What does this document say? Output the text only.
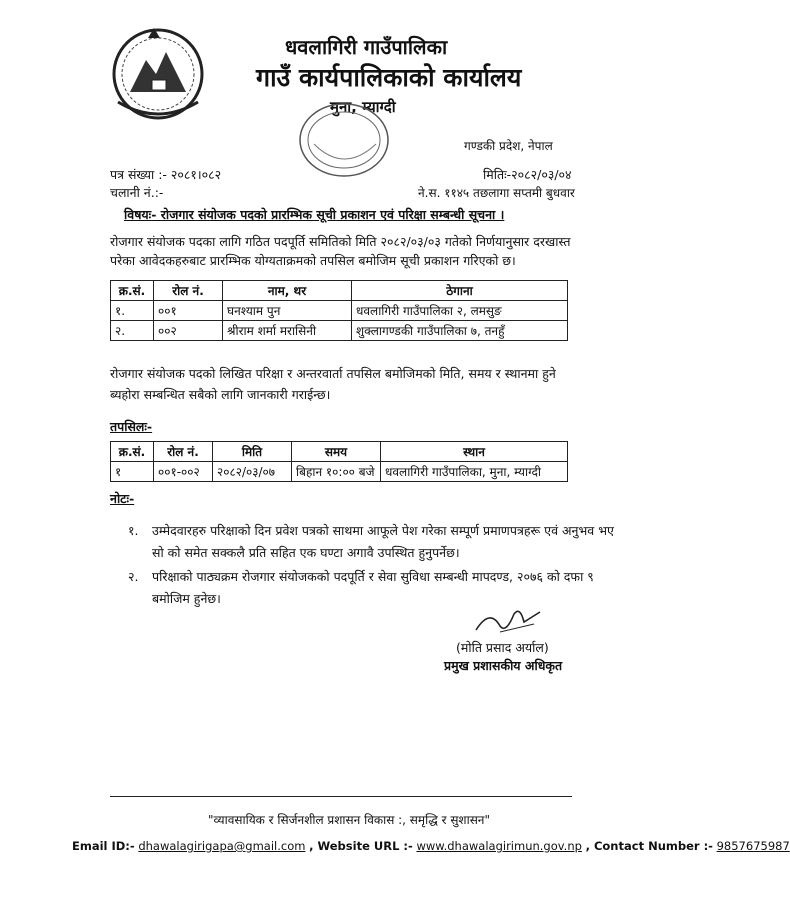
धवलागिरी गाउँपालिका
गाउँ कार्यपालिकाको कार्यालय
मुना, म्याग्दी
गण्डकी प्रदेश, नेपाल
पत्र संख्या :- २०८१।०८२
चलानी नं.:-
मितिः-२०८२/०३/०४
ने.स. ११४५ तछलागा सप्तमी बुधवार
विषयः- रोजगार संयोजक पदको प्रारम्भिक सूची प्रकाशन एवं परिक्षा सम्बन्धी सूचना ।
रोजगार संयोजक पदका लागि गठित पदपूर्ति समितिको मिति २०८२/०३/०३ गतेको निर्णयानुसार दरखास्त परेका आवेदकहरुबाट प्रारम्भिक योग्यताक्रमको तपसिल बमोजिम सूची प्रकाशन गरिएको छ।
क्र.सं.	रोल नं.	नाम, थर	ठेगाना
१.	००१	घनश्याम पुन	धवलागिरी गाउँपालिका २, लमसुङ
२.	००२	श्रीराम शर्मा मरासिनी	शुक्लागण्डकी गाउँपालिका ७, तनहुँ
रोजगार संयोजक पदको लिखित परिक्षा र अन्तरवार्ता तपसिल बमोजिमको मिति, समय र स्थानमा हुने ब्यहोरा सम्बन्धित सबैको लागि जानकारी गराईन्छ।
तपसिलः-
क्र.सं.	रोल नं.	मिति	समय	स्थान
१	००१-००२	२०८२/०३/०७	बिहान १०:०० बजे	धवलागिरी गाउँपालिका, मुना, म्याग्दी
नोटः-
१. उम्मेदवारहरु परिक्षाको दिन प्रवेश पत्रको साथमा आफूले पेश गरेका सम्पूर्ण प्रमाणपत्रहरू एवं अनुभव भए
सो को समेत सक्कलै प्रति सहित एक घण्टा अगावै उपस्थित हुनुपर्नेछ।
२. परिक्षाको पाठ्यक्रम रोजगार संयोजकको पदपूर्ति र सेवा सुविधा सम्बन्धी मापदण्ड, २०७६ को दफा ९
बमोजिम हुनेछ।
(मोति प्रसाद अर्याल)
प्रमुख प्रशासकीय अधिकृत
"व्यावसायिक र सिर्जनशील प्रशासन विकास :, समृद्धि र सुशासन"
Email ID:- dhawalagirigapa@gmail.com , Website URL :- www.dhawalagirimun.gov.np , Contact Number :- 9857675987
